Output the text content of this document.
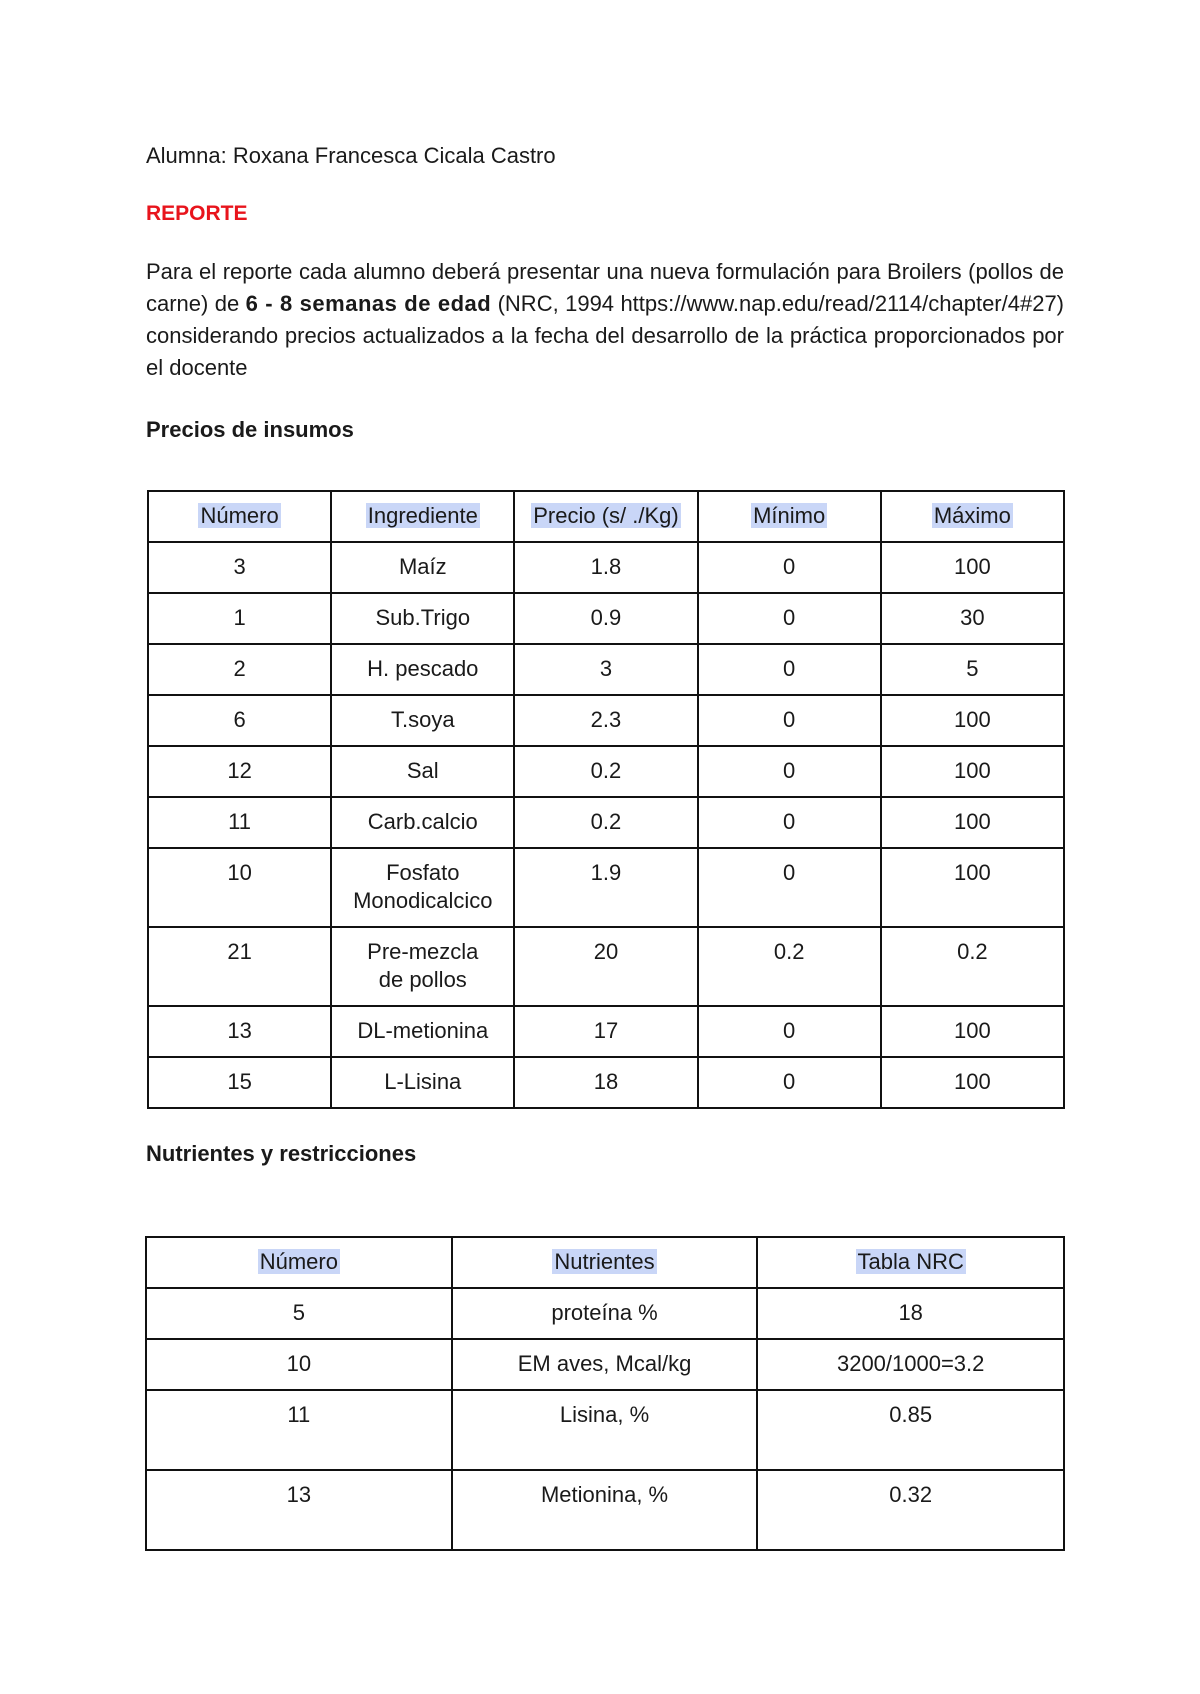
Alumna: Roxana Francesca Cicala Castro

REPORTE

Para el reporte cada alumno deberá presentar una nueva formulación para Broilers (pollos de carne) de 6 - 8 semanas de edad (NRC, 1994 https://www.nap.edu/read/2114/chapter/4#27) considerando precios actualizados a la fecha del desarrollo de la práctica proporcionados por el docente

Precios de insumos

Número	Ingrediente	Precio (s/ ./Kg)	Mínimo	Máximo
3	Maíz	1.8	0	100
1	Sub.Trigo	0.9	0	30
2	H. pescado	3	0	5
6	T.soya	2.3	0	100
12	Sal	0.2	0	100
11	Carb.calcio	0.2	0	100
10	Fosfato
Monodicalcico	1.9	0	100
21	Pre-mezcla
de pollos	20	0.2	0.2
13	DL-metionina	17	0	100
15	L-Lisina	18	0	100

Nutrientes y restricciones

Número	Nutrientes	Tabla NRC
5	proteína %	18
10	EM aves, Mcal/kg	3200/1000=3.2
11	Lisina, %	0.85
13	Metionina, %	0.32
